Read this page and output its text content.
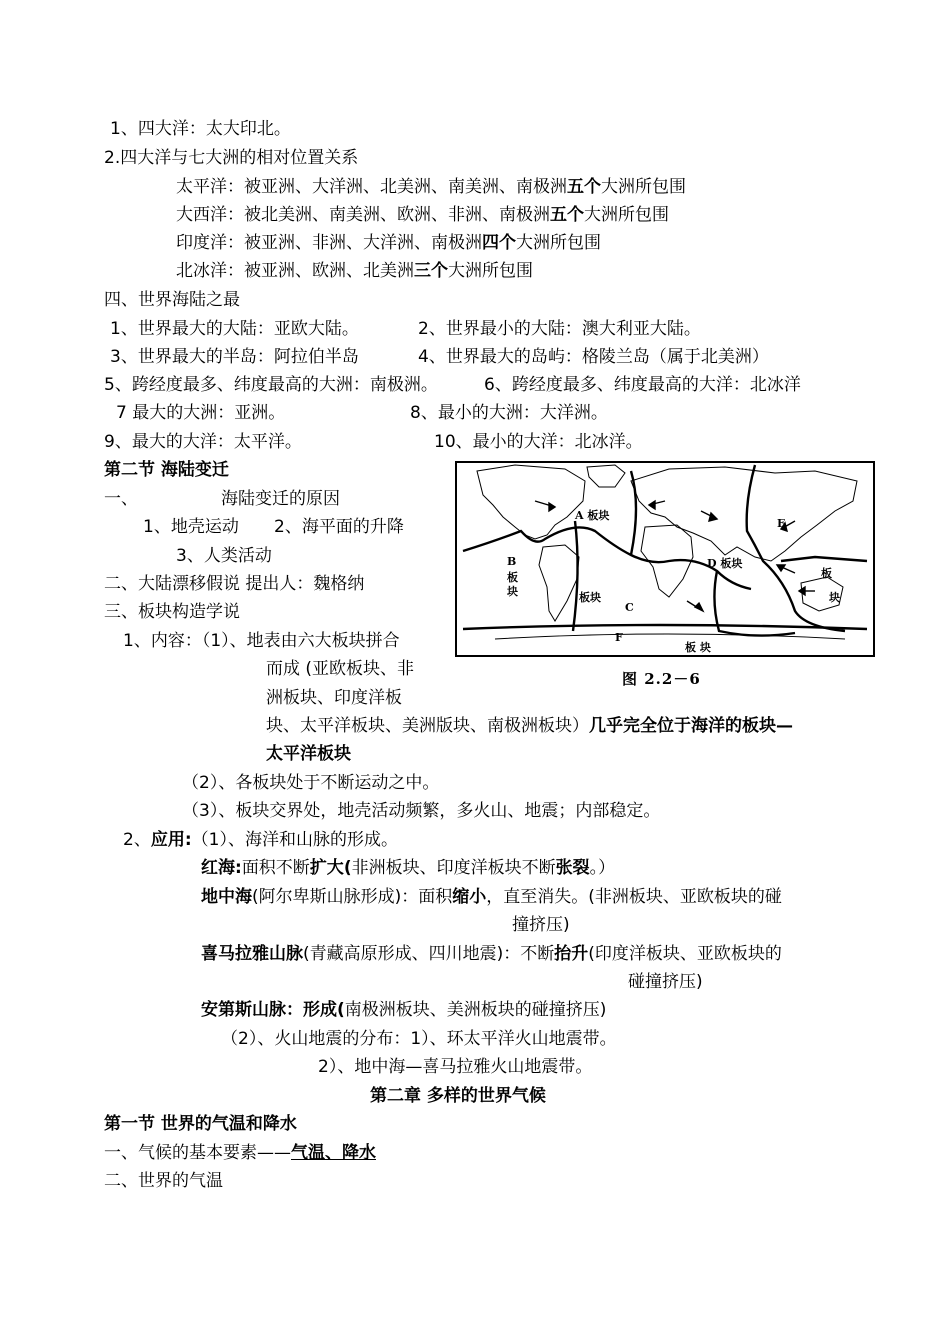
1、四大洋：太大印北。
2.四大洋与七大洲的相对位置关系
太平洋：被亚洲、大洋洲、北美洲、南美洲、南极洲五个大洲所包围
大西洋：被北美洲、南美洲、欧洲、非洲、南极洲五个大洲所包围
印度洋：被亚洲、非洲、大洋洲、南极洲四个大洲所包围
北冰洋：被亚洲、欧洲、北美洲三个大洲所包围
四、世界海陆之最
1、世界最大的大陆：亚欧大陆。	2、世界最小的大陆：澳大利亚大陆。
3、世界最大的半岛：阿拉伯半岛	4、世界最大的岛屿：格陵兰岛（属于北美洲）
5、跨经度最多、纬度最高的大洲：南极洲。	6、跨经度最多、纬度最高的大洋：北冰洋
7 最大的大洲：亚洲。	8、最小的大洲：大洋洲。
9、最大的大洋：太平洋。	10、最小的大洋：北冰洋。
第二节 海陆变迁
一、	海陆变迁的原因
1、地壳运动 2、海平面的升降
3、人类活动
二、大陆漂移假说 提出人：魏格纳
三、板块构造学说
1、内容：（1）、地表由六大板块拼合
而成 (亚欧板块、非
洲板块、印度洋板
块、太平洋板块、美洲版块、南极洲板块）几乎完全位于海洋的板块—
太平洋板块
（2）、各板块处于不断运动之中。
（3）、板块交界处，地壳活动频繁，多火山、地震；内部稳定。
2、应用:（1）、海洋和山脉的形成。
红海:面积不断扩大(非洲板块、印度洋板块不断张裂。）
地中海(阿尔卑斯山脉形成)：面积缩小，直至消失。(非洲板块、亚欧板块的碰
撞挤压)
喜马拉雅山脉(青藏高原形成、四川地震)：不断抬升(印度洋板块、亚欧板块的
碰撞挤压)
安第斯山脉：形成(南极洲板块、美洲板块的碰撞挤压)
（2）、火山地震的分布：1）、环太平洋火山地震带。
2）、地中海—喜马拉雅火山地震带。
第二章 多样的世界气候
第一节 世界的气温和降水
一、气候的基本要素——气温、降水
二、世界的气温
A 板块
B
板
块	板块
C
D 板块
E
F
板 块
板
块
图 2.2－6
